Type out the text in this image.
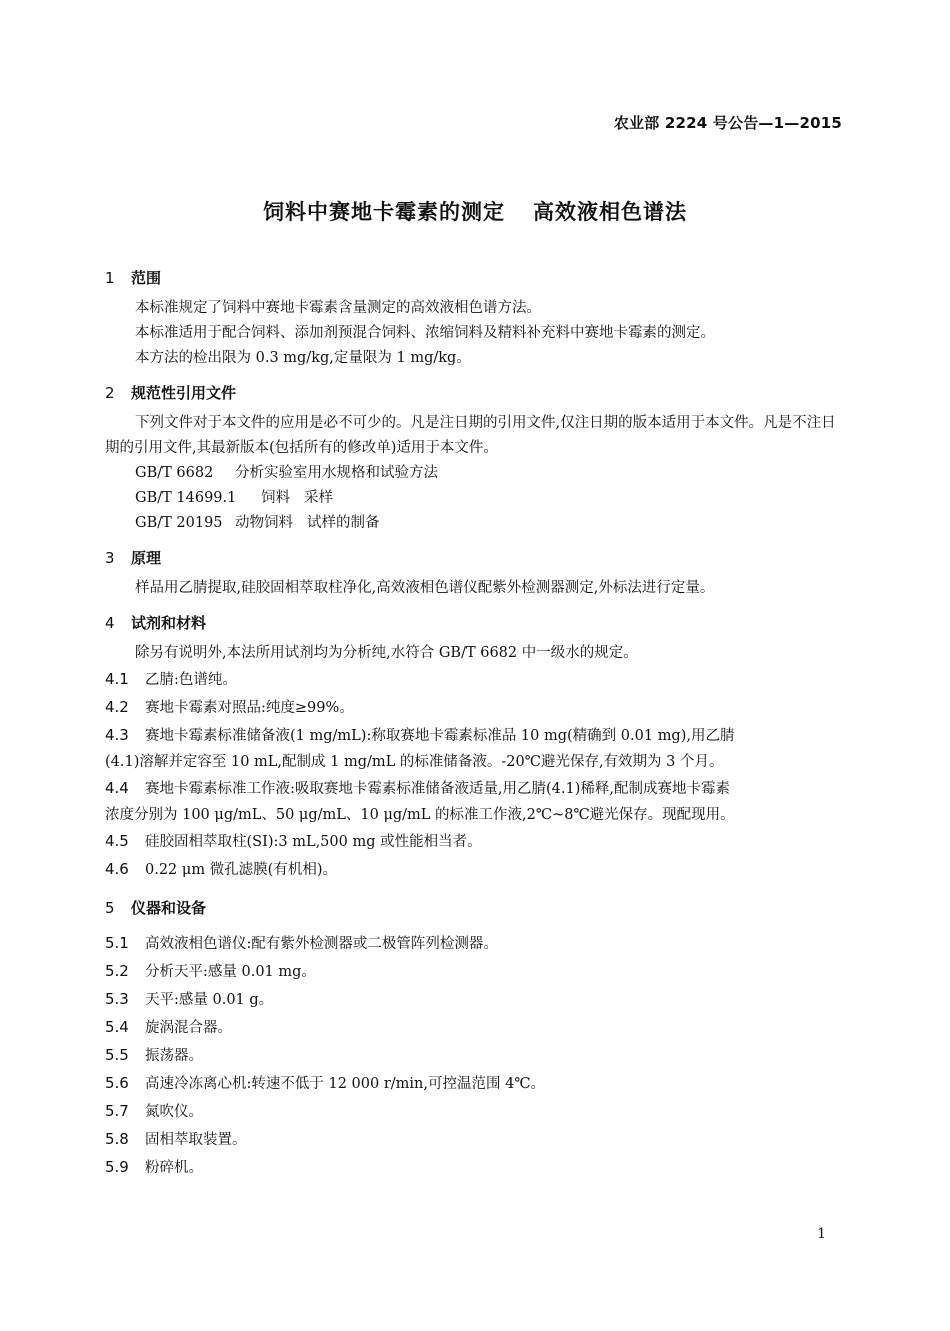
农业部 2224 号公告—1—2015
饲料中赛地卡霉素的测定 高效液相色谱法
1 范围

本标准规定了饲料中赛地卡霉素含量测定的高效液相色谱方法。

本标准适用于配合饲料、添加剂预混合饲料、浓缩饲料及精料补充料中赛地卡霉素的测定。

本方法的检出限为 0.3 mg/kg,定量限为 1 mg/kg。

2 规范性引用文件

下列文件对于本文件的应用是必不可少的。凡是注日期的引用文件,仅注日期的版本适用于本文件。凡是不注日期的引用文件,其最新版本(包括所有的修改单)适用于本文件。

GB/T 6682 分析实验室用水规格和试验方法

GB/T 14699.1 饲料 采样

GB/T 20195 动物饲料 试样的制备

3 原理

样品用乙腈提取,硅胶固相萃取柱净化,高效液相色谱仪配紫外检测器测定,外标法进行定量。

4 试剂和材料

除另有说明外,本法所用试剂均为分析纯,水符合 GB/T 6682 中一级水的规定。

4.1 乙腈:色谱纯。

4.2 赛地卡霉素对照品:纯度≥99%。

4.3 赛地卡霉素标准储备液(1 mg/mL):称取赛地卡霉素标准品 10 mg(精确到 0.01 mg),用乙腈
(4.1)溶解并定容至 10 mL,配制成 1 mg/mL 的标准储备液。-20℃避光保存,有效期为 3 个月。

4.4 赛地卡霉素标准工作液:吸取赛地卡霉素标准储备液适量,用乙腈(4.1)稀释,配制成赛地卡霉素
浓度分别为 100 μg/mL、50 μg/mL、10 μg/mL 的标准工作液,2℃~8℃避光保存。现配现用。

4.5 硅胶固相萃取柱(SI):3 mL,500 mg 或性能相当者。

4.6 0.22 μm 微孔滤膜(有机相)。

5 仪器和设备

5.1 高效液相色谱仪:配有紫外检测器或二极管阵列检测器。

5.2 分析天平:感量 0.01 mg。

5.3 天平:感量 0.01 g。

5.4 旋涡混合器。

5.5 振荡器。

5.6 高速冷冻离心机:转速不低于 12 000 r/min,可控温范围 4℃。

5.7 氮吹仪。

5.8 固相萃取装置。

5.9 粉碎机。

1
